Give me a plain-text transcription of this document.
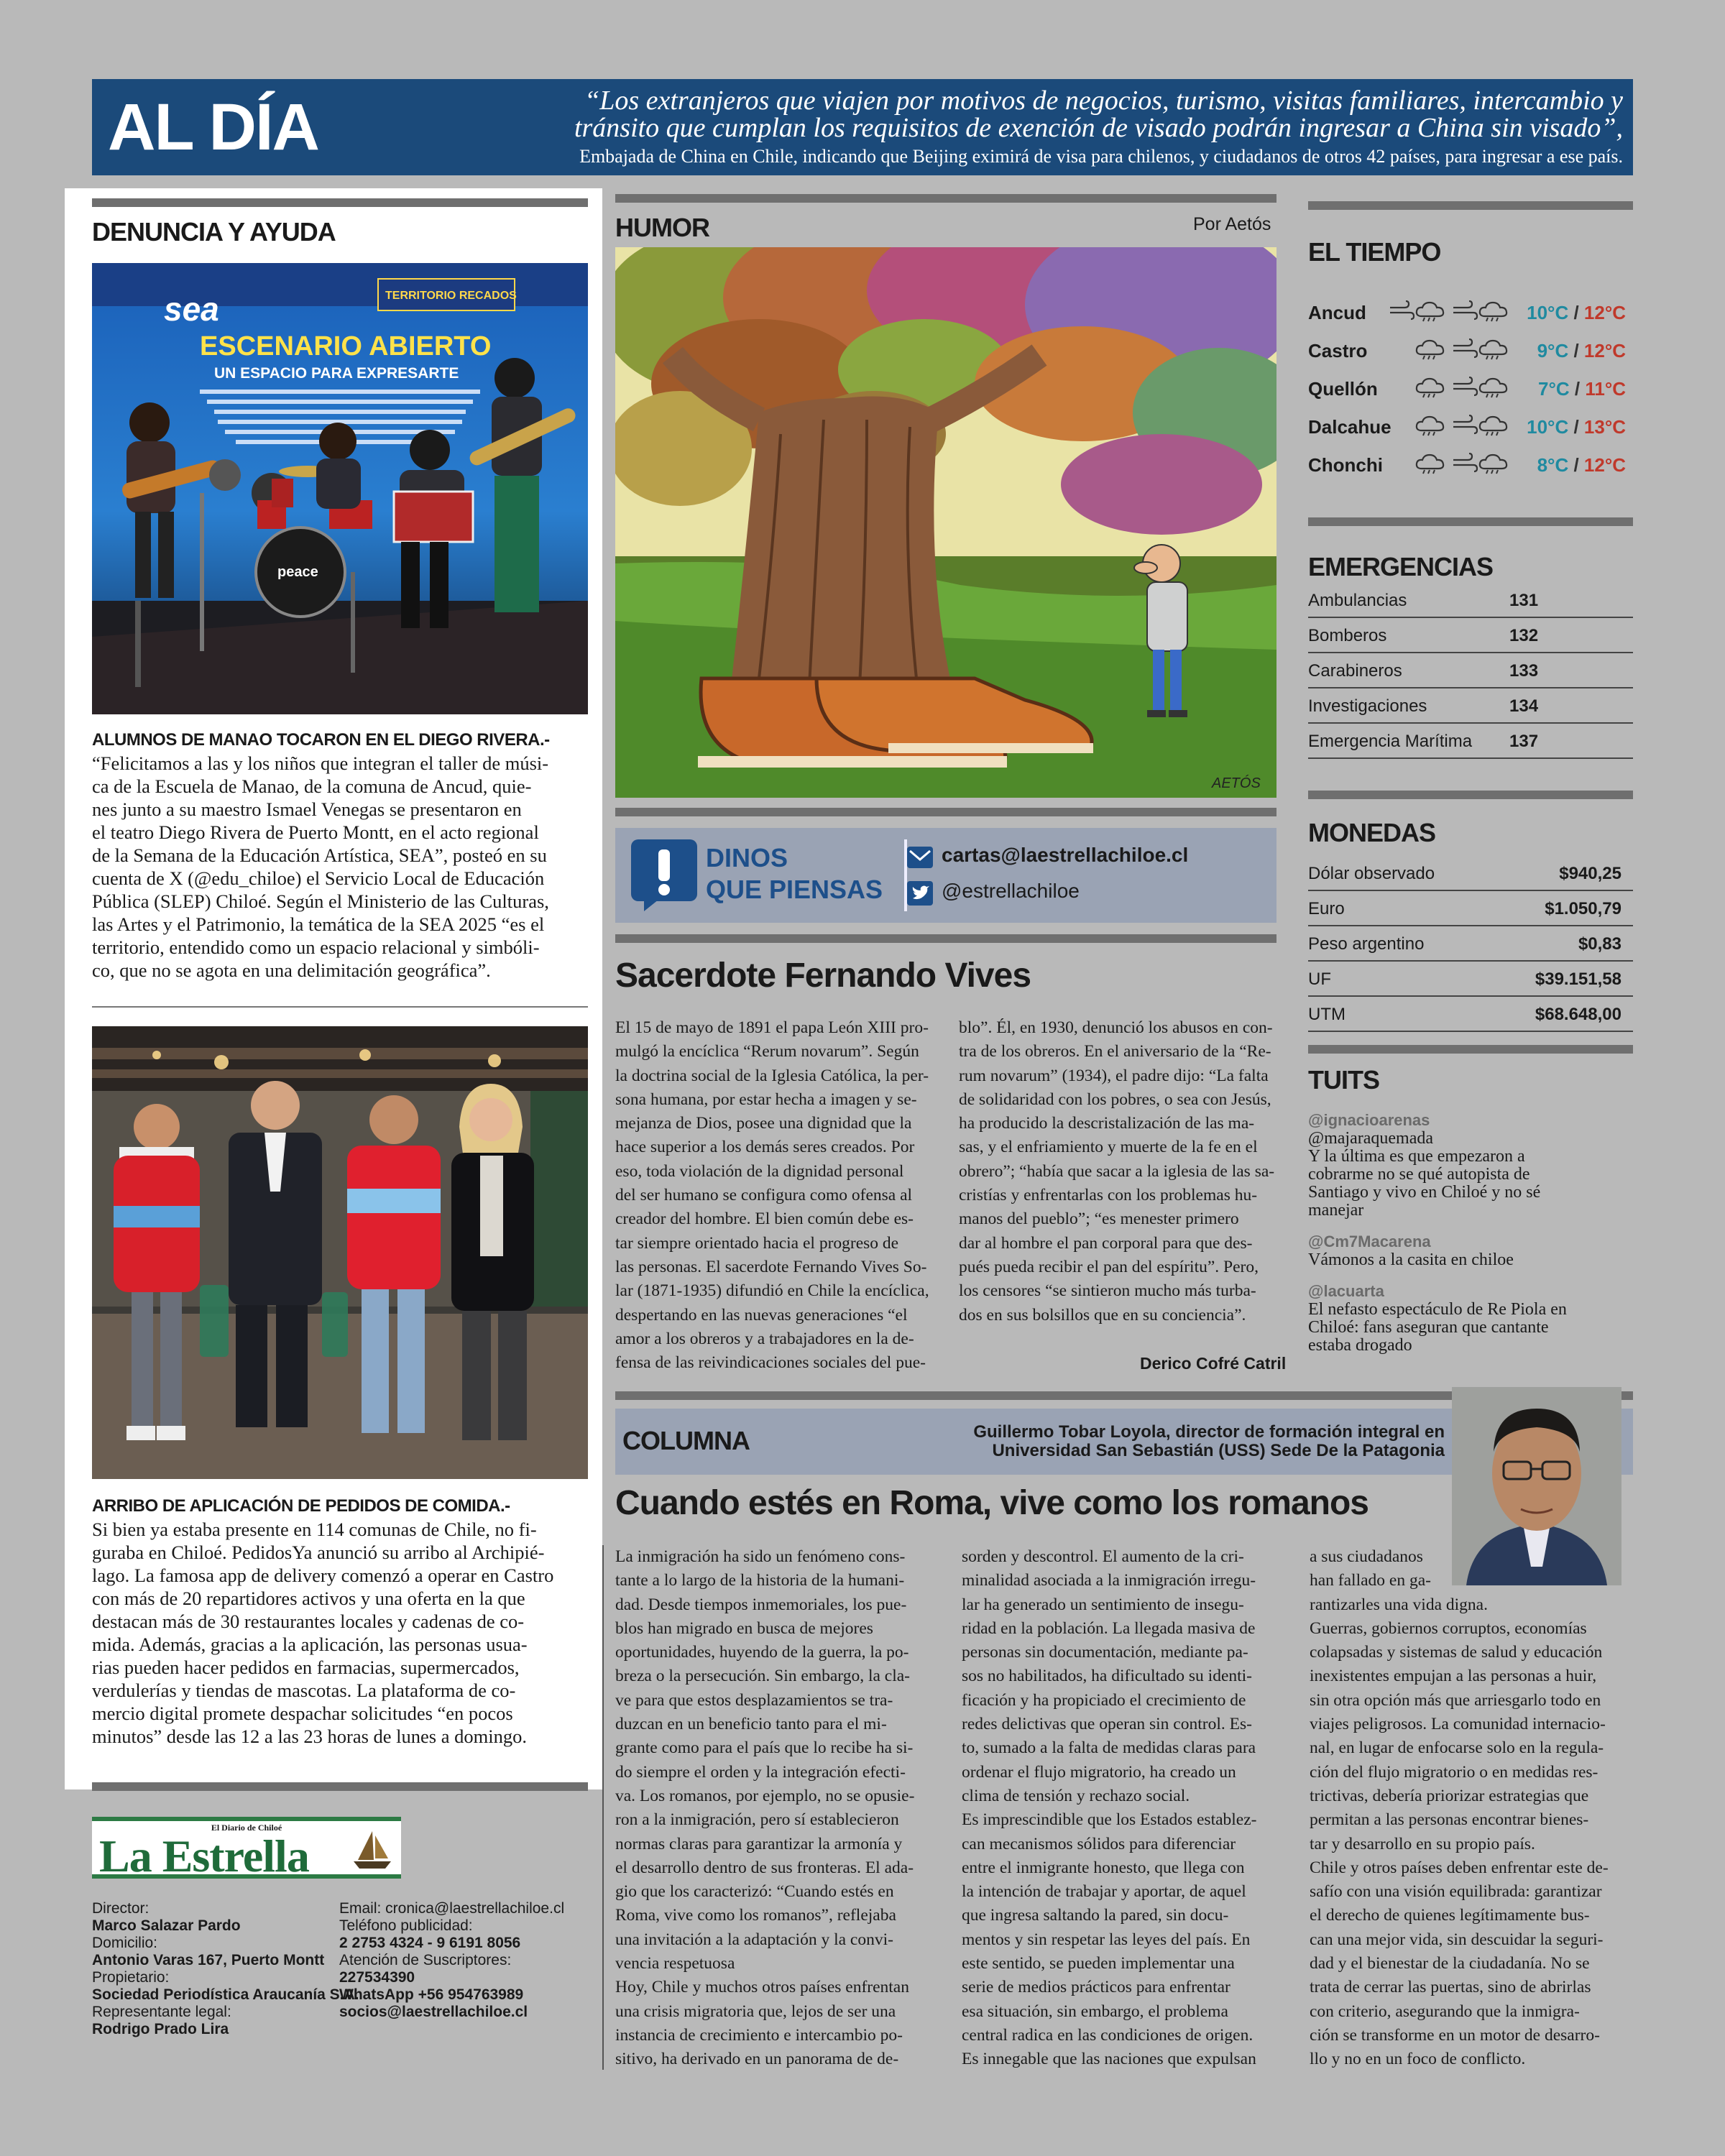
AL DÍA	“Los extranjeros que viajen por motivos de negocios, turismo, visitas familiares, intercambio y
tránsito que cumplan los requisitos de exención de visado podrán ingresar a China sin visado”,
Embajada de China en Chile, indicando que Beijing eximirá de visa para chilenos, y ciudadanos de otros 42 países, para ingresar a ese país.
DENUNCIA Y AYUDA
sea	TERRITORIO RECADOS
ESCENARIO ABIERTO
UN ESPACIO PARA EXPRESARTE
peace
ALUMNOS DE MANAO TOCARON EN EL DIEGO RIVERA.-
“Felicitamos a las y los niños que integran el taller de músi-
ca de la Escuela de Manao, de la comuna de Ancud, quie-
nes junto a su maestro Ismael Venegas se presentaron en
el teatro Diego Rivera de Puerto Montt, en el acto regional
de la Semana de la Educación Artística, SEA”, posteó en su
cuenta de X (@edu_chiloe) el Servicio Local de Educación
Pública (SLEP) Chiloé. Según el Ministerio de las Culturas,
las Artes y el Patrimonio, la temática de la SEA 2025 “es el
territorio, entendido como un espacio relacional y simbóli-
co, que no se agota en una delimitación geográfica”.
ARRIBO DE APLICACIÓN DE PEDIDOS DE COMIDA.-
Si bien ya estaba presente en 114 comunas de Chile, no fi-
guraba en Chiloé. PedidosYa anunció su arribo al Archipié-
lago. La famosa app de delivery comenzó a operar en Castro
con más de 20 repartidores activos y una oferta en la que
destacan más de 30 restaurantes locales y cadenas de co-
mida. Además, gracias a la aplicación, las personas usua-
rias pueden hacer pedidos en farmacias, supermercados,
verdulerías y tiendas de mascotas. La plataforma de co-
mercio digital promete despachar solicitudes “en pocos
minutos” desde las 12 a las 23 horas de lunes a domingo.
El Diario de Chiloé
La Estrella
Director:
Marco Salazar Pardo
Domicilio:
Antonio Varas 167, Puerto Montt
Propietario:
Sociedad Periodística Araucanía S.A.
Representante legal:
Rodrigo Prado Lira
Email: cronica@laestrellachiloe.cl
Teléfono publicidad:
2 2753 4324 - 9 6191 8056
Atención de Suscriptores:
227534390
WhatsApp +56 954763989
socios@laestrellachiloe.cl
HUMOR	Por Aetós
AETÓS
DINOS
QUE PIENSAS
cartas@laestrellachiloe.cl
@estrellachiloe
Sacerdote Fernando Vives
El 15 de mayo de 1891 el papa León XIII pro-
mulgó la encíclica “Rerum novarum”. Según
la doctrina social de la Iglesia Católica, la per-
sona humana, por estar hecha a imagen y se-
mejanza de Dios, posee una dignidad que la
hace superior a los demás seres creados. Por
eso, toda violación de la dignidad personal
del ser humano se configura como ofensa al
creador del hombre. El bien común debe es-
tar siempre orientado hacia el progreso de
las personas. El sacerdote Fernando Vives So-
lar (1871-1935) difundió en Chile la encíclica,
despertando en las nuevas generaciones “el
amor a los obreros y a trabajadores en la de-
fensa de las reivindicaciones sociales del pue-
blo”. Él, en 1930, denunció los abusos en con-
tra de los obreros. En el aniversario de la “Re-
rum novarum” (1934), el padre dijo: “La falta
de solidaridad con los pobres, o sea con Jesús,
ha producido la descristalización de las ma-
sas, y el enfriamiento y muerte de la fe en el
obrero”; “había que sacar a la iglesia de las sa-
cristías y enfrentarlas con los problemas hu-
manos del pueblo”; “es menester primero
dar al hombre el pan corporal para que des-
pués pueda recibir el pan del espíritu”. Pero,
los censores “se sintieron mucho más turba-
dos en sus bolsillos que en su conciencia”.
Derico Cofré Catril
COLUMNA	Guillermo Tobar Loyola, director de formación integral en
Universidad San Sebastián (USS) Sede De la Patagonia
Cuando estés en Roma, vive como los romanos
La inmigración ha sido un fenómeno cons-
tante a lo largo de la historia de la humani-
dad. Desde tiempos inmemoriales, los pue-
blos han migrado en busca de mejores
oportunidades, huyendo de la guerra, la po-
breza o la persecución. Sin embargo, la cla-
ve para que estos desplazamientos se tra-
duzcan en un beneficio tanto para el mi-
grante como para el país que lo recibe ha si-
do siempre el orden y la integración efecti-
va. Los romanos, por ejemplo, no se opusie-
ron a la inmigración, pero sí establecieron
normas claras para garantizar la armonía y
el desarrollo dentro de sus fronteras. El ada-
gio que los caracterizó: “Cuando estés en
Roma, vive como los romanos”, reflejaba
una invitación a la adaptación y la convi-
vencia respetuosa
Hoy, Chile y muchos otros países enfrentan
una crisis migratoria que, lejos de ser una
instancia de crecimiento e intercambio po-
sitivo, ha derivado en un panorama de de-
sorden y descontrol. El aumento de la cri-
minalidad asociada a la inmigración irregu-
lar ha generado un sentimiento de insegu-
ridad en la población. La llegada masiva de
personas sin documentación, mediante pa-
sos no habilitados, ha dificultado su identi-
ficación y ha propiciado el crecimiento de
redes delictivas que operan sin control. Es-
to, sumado a la falta de medidas claras para
ordenar el flujo migratorio, ha creado un
clima de tensión y rechazo social.
Es imprescindible que los Estados establez-
can mecanismos sólidos para diferenciar
entre el inmigrante honesto, que llega con
la intención de trabajar y aportar, de aquel
que ingresa saltando la pared, sin docu-
mentos y sin respetar las leyes del país. En
este sentido, se pueden implementar una
serie de medios prácticos para enfrentar
esa situación, sin embargo, el problema
central radica en las condiciones de origen.
Es innegable que las naciones que expulsan
a sus ciudadanos
han fallado en ga-
rantizarles una vida digna.
Guerras, gobiernos corruptos, economías
colapsadas y sistemas de salud y educación
inexistentes empujan a las personas a huir,
sin otra opción más que arriesgarlo todo en
viajes peligrosos. La comunidad internacio-
nal, en lugar de enfocarse solo en la regula-
ción del flujo migratorio o en medidas res-
trictivas, debería priorizar estrategias que
permitan a las personas encontrar bienes-
tar y desarrollo en su propio país.
Chile y otros países deben enfrentar este de-
safío con una visión equilibrada: garantizar
el derecho de quienes legítimamente bus-
can una mejor vida, sin descuidar la seguri-
dad y el bienestar de la ciudadanía. No se
trata de cerrar las puertas, sino de abrirlas
con criterio, asegurando que la inmigra-
ción se transforme en un motor de desarro-
llo y no en un foco de conflicto.
EL TIEMPO
Ancud	10°C / 12°C
Castro	9°C / 12°C
Quellón	7°C / 11°C
Dalcahue	10°C / 13°C
Chonchi	8°C / 12°C
EMERGENCIAS
Ambulancias	131
Bomberos	132
Carabineros	133
Investigaciones	134
Emergencia Marítima 137
MONEDAS
Dólar observado	$940,25
Euro	$1.050,79
Peso argentino	$0,83
UF	$39.151,58
UTM	$68.648,00
TUITS
@ignacioarenas
@majaraquemada
Y la última es que empezaron a
cobrarme no se qué autopista de
Santiago y vivo en Chiloé y no sé
manejar
@Cm7Macarena
Vámonos a la casita en chiloe
@lacuarta
El nefasto espectáculo de Re Piola en
Chiloé: fans aseguran que cantante
estaba drogado
